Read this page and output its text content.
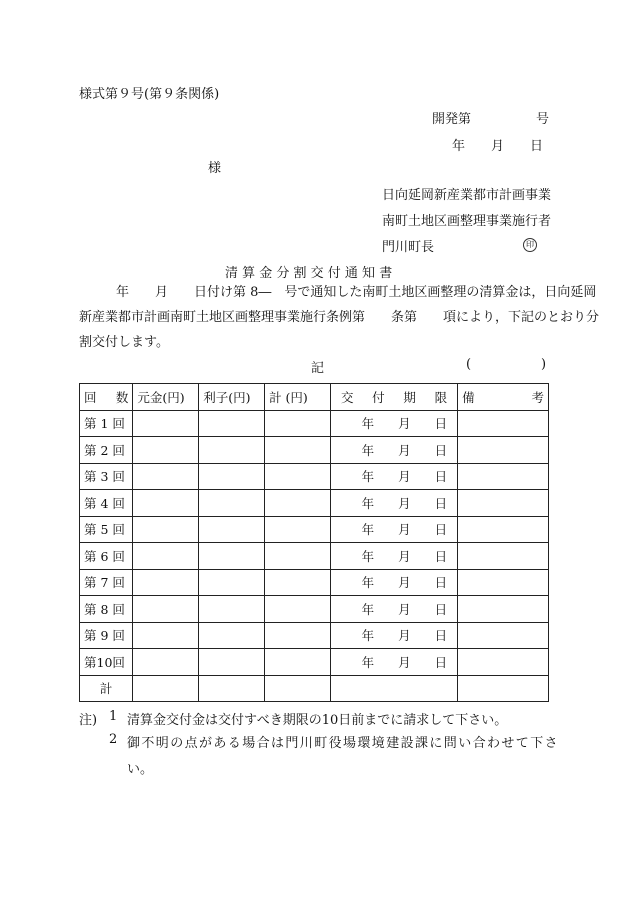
様式第９号(第９条関係)
開発第　　　　　号
年　　月　　日
様
日向延岡新産業都市計画事業
南町土地区画整理事業施行者
門川町長	印
清 算 金 分 割 交 付 通 知 書
年　　月　　日付け第 8―　号で通知した南町土地区画整理の清算金は，日向延岡
新産業都市計画南町土地区画整理事業施行条例第　　条第　　項により，下記のとおり分
割交付します。
記	(	)
回 数	元金(円)	利子(円)	計 (円)	交 付 期 限	備 考

第 1 回				年 月 日	
第 2 回				年 月 日	
第 3 回				年 月 日	
第 4 回				年 月 日	
第 5 回				年 月 日	
第 6 回				年 月 日	
第 7 回				年 月 日	
第 8 回				年 月 日	
第 9 回				年 月 日	
第10回				年 月 日	
計					
注) 1 清算金交付金は交付すべき期限の10日前までに請求して下さい。
2 御不明の点がある場合は門川町役場環境建設課に問い合わせて下さ
い。
